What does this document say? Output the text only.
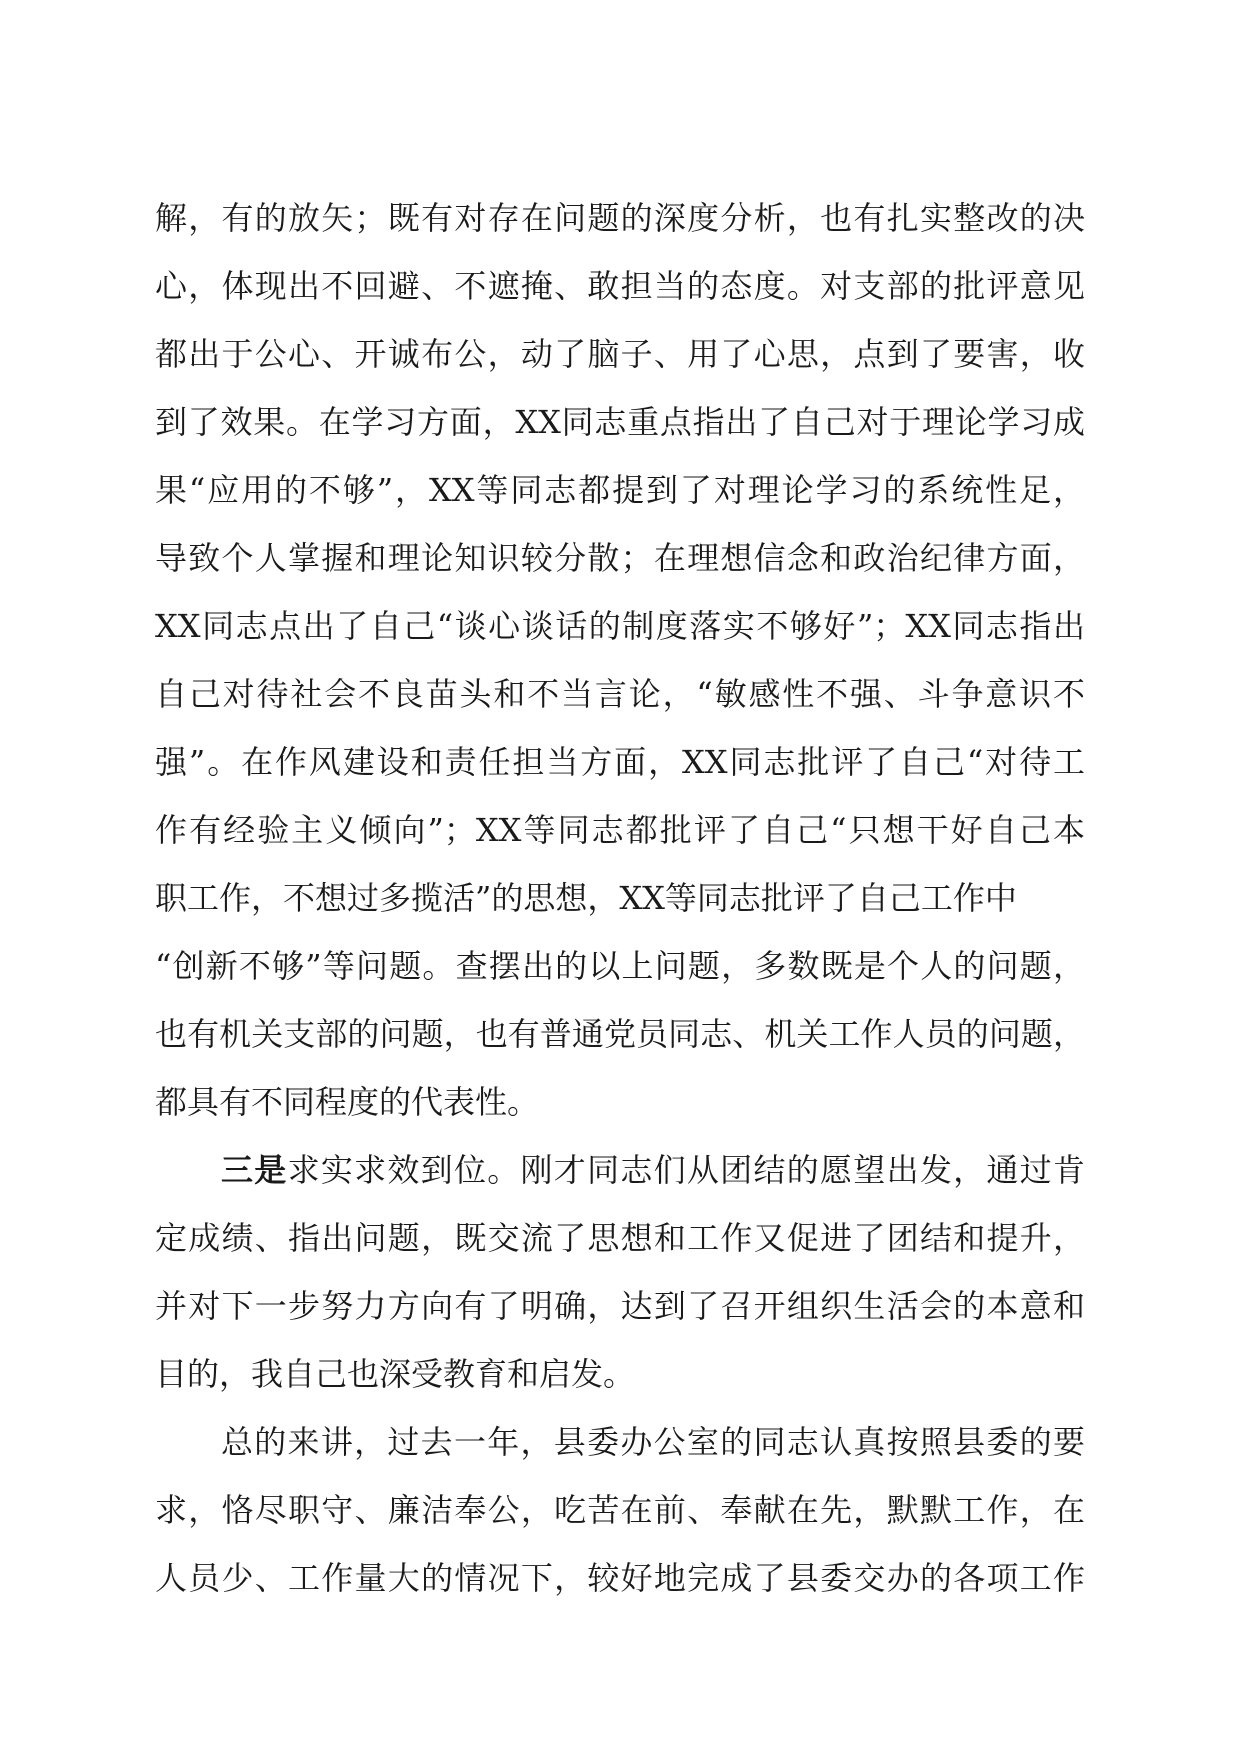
解，有的放矢；既有对存在问题的深度分析，也有扎实整改的决
心，体现出不回避、不遮掩、敢担当的态度。对支部的批评意见
都出于公心、开诚布公，动了脑子、用了心思，点到了要害，收
到了效果。在学习方面，XX同志重点指出了自己对于理论学习成
果“应用的不够”，XX等同志都提到了对理论学习的系统性足，
导致个人掌握和理论知识较分散；在理想信念和政治纪律方面，
XX同志点出了自己“谈心谈话的制度落实不够好”；XX同志指出
自己对待社会不良苗头和不当言论，“敏感性不强、斗争意识不
强”。在作风建设和责任担当方面，XX同志批评了自己“对待工
作有经验主义倾向”；XX等同志都批评了自己“只想干好自己本
职工作，不想过多揽活”的思想，XX等同志批评了自己工作中
“创新不够”等问题。查摆出的以上问题，多数既是个人的问题，
也有机关支部的问题，也有普通党员同志、机关工作人员的问题，
都具有不同程度的代表性。
三是求实求效到位。刚才同志们从团结的愿望出发，通过肯
定成绩、指出问题，既交流了思想和工作又促进了团结和提升，
并对下一步努力方向有了明确，达到了召开组织生活会的本意和
目的，我自己也深受教育和启发。
总的来讲，过去一年，县委办公室的同志认真按照县委的要
求，恪尽职守、廉洁奉公，吃苦在前、奉献在先，默默工作，在
人员少、工作量大的情况下，较好地完成了县委交办的各项工作
